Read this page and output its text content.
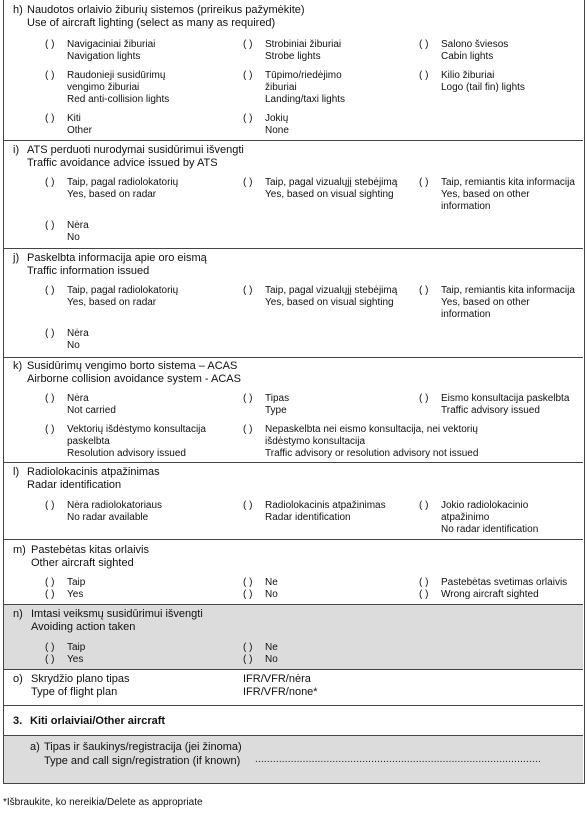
h) Naudotos orlaivio žiburių sistemos (prireikus pažymėkite)
Use of aircraft lighting (select as many as required)
( ) Navigaciniai žiburiai
Navigation lights
( ) Strobiniai žiburiai
Strobe lights
( ) Salono šviesos
Cabin lights
( ) Raudonieji susidūrimų
vengimo žiburiai
Red anti-collision lights
( ) Tūpimo/riedėjimo
žiburiai
Landing/taxi lights
( ) Kilio žiburiai
Logo (tail fin) lights
( ) Kiti
Other
( ) Jokių
None
i) ATS perduoti nurodymai susidūrimui išvengti
Traffic avoidance advice issued by ATS
( ) Taip, pagal radiolokatorių
Yes, based on radar
( ) Taip, pagal vizualųjį stebėjimą
Yes, based on visual sighting
( ) Taip, remiantis kita informacija
Yes, based on other
information
( ) Nėra
No
j) Paskelbta informacija apie oro eismą
Traffic information issued
( ) Taip, pagal radiolokatorių
Yes, based on radar
( ) Taip, pagal vizualųjį stebėjimą
Yes, based on visual sighting
( ) Taip, remiantis kita informacija
Yes, based on other
information
( ) Nėra
No
k) Susidūrimų vengimo borto sistema – ACAS
Airborne collision avoidance system - ACAS
( ) Nėra
Not carried
( ) Tipas
Type
( ) Eismo konsultacija paskelbta
Traffic advisory issued
( ) Vektorių išdėstymo konsultacija
paskelbta
Resolution advisory issued
( ) Nepaskelbta nei eismo konsultacija, nei vektorių
išdėstymo konsultacija
Traffic advisory or resolution advisory not issued
l) Radiolokacinis atpažinimas
Radar identification
( ) Nėra radiolokatoriaus
No radar available
( ) Radiolokacinis atpažinimas
Radar identification
( ) Jokio radiolokacinio
atpažinimo
No radar identification
m) Pastebėtas kitas orlaivis
Other aircraft sighted
( ) Taip
( ) Yes
( ) Ne
( ) No
( ) Pastebėtas svetimas orlaivis
( ) Wrong aircraft sighted
n) Imtasi veiksmų susidūrimui išvengti
Avoiding action taken
( ) Taip
( ) Yes
( ) Ne
( ) No
o) Skrydžio plano tipas
Type of flight plan
IFR/VFR/nėra
IFR/VFR/none*
3. Kiti orlaiviai/Other aircraft
a) Tipas ir šaukinys/registracija (jei žinoma)
Type and call sign/registration (if known) ................................................................................................
*Išbraukite, ko nereikia/Delete as appropriate
